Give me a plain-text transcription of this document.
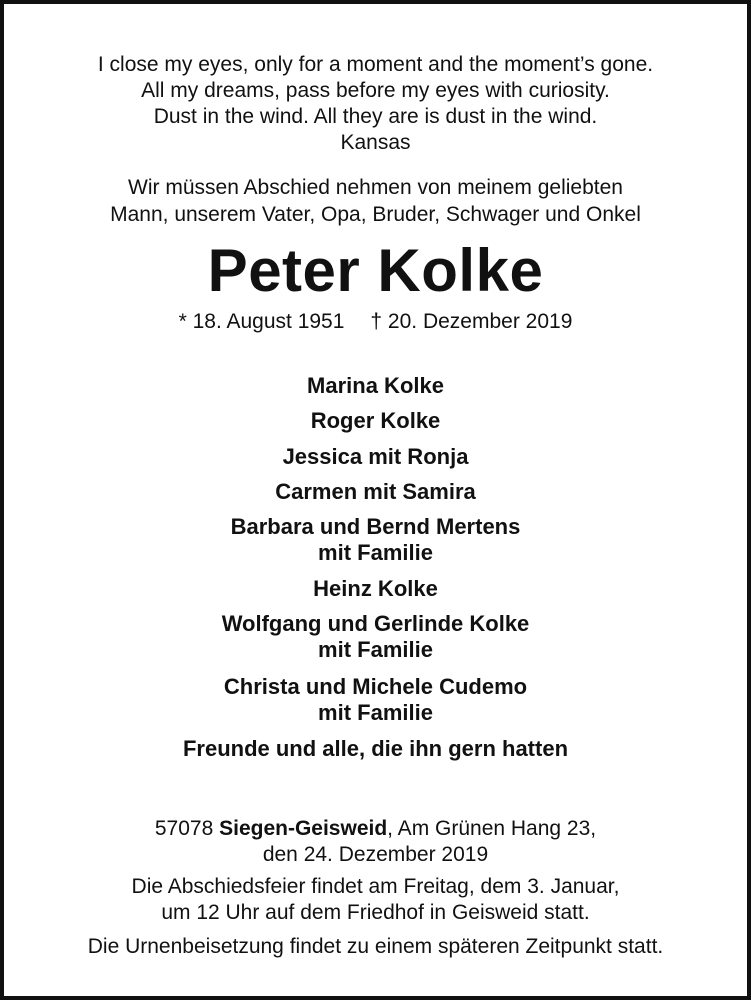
I close my eyes, only for a moment and the moment’s gone.
All my dreams, pass before my eyes with curiosity.
Dust in the wind. All they are is dust in the wind.
Kansas
Wir müssen Abschied nehmen von meinem geliebten
Mann, unserem Vater, Opa, Bruder, Schwager und Onkel
Peter Kolke
* 18. August 1951 † 20. Dezember 2019
Marina Kolke
Roger Kolke
Jessica mit Ronja
Carmen mit Samira
Barbara und Bernd Mertens
mit Familie
Heinz Kolke
Wolfgang und Gerlinde Kolke
mit Familie
Christa und Michele Cudemo
mit Familie
Freunde und alle, die ihn gern hatten
57078 Siegen-Geisweid, Am Grünen Hang 23,
den 24. Dezember 2019
Die Abschiedsfeier findet am Freitag, dem 3. Januar,
um 12 Uhr auf dem Friedhof in Geisweid statt.
Die Urnenbeisetzung findet zu einem späteren Zeitpunkt statt.
